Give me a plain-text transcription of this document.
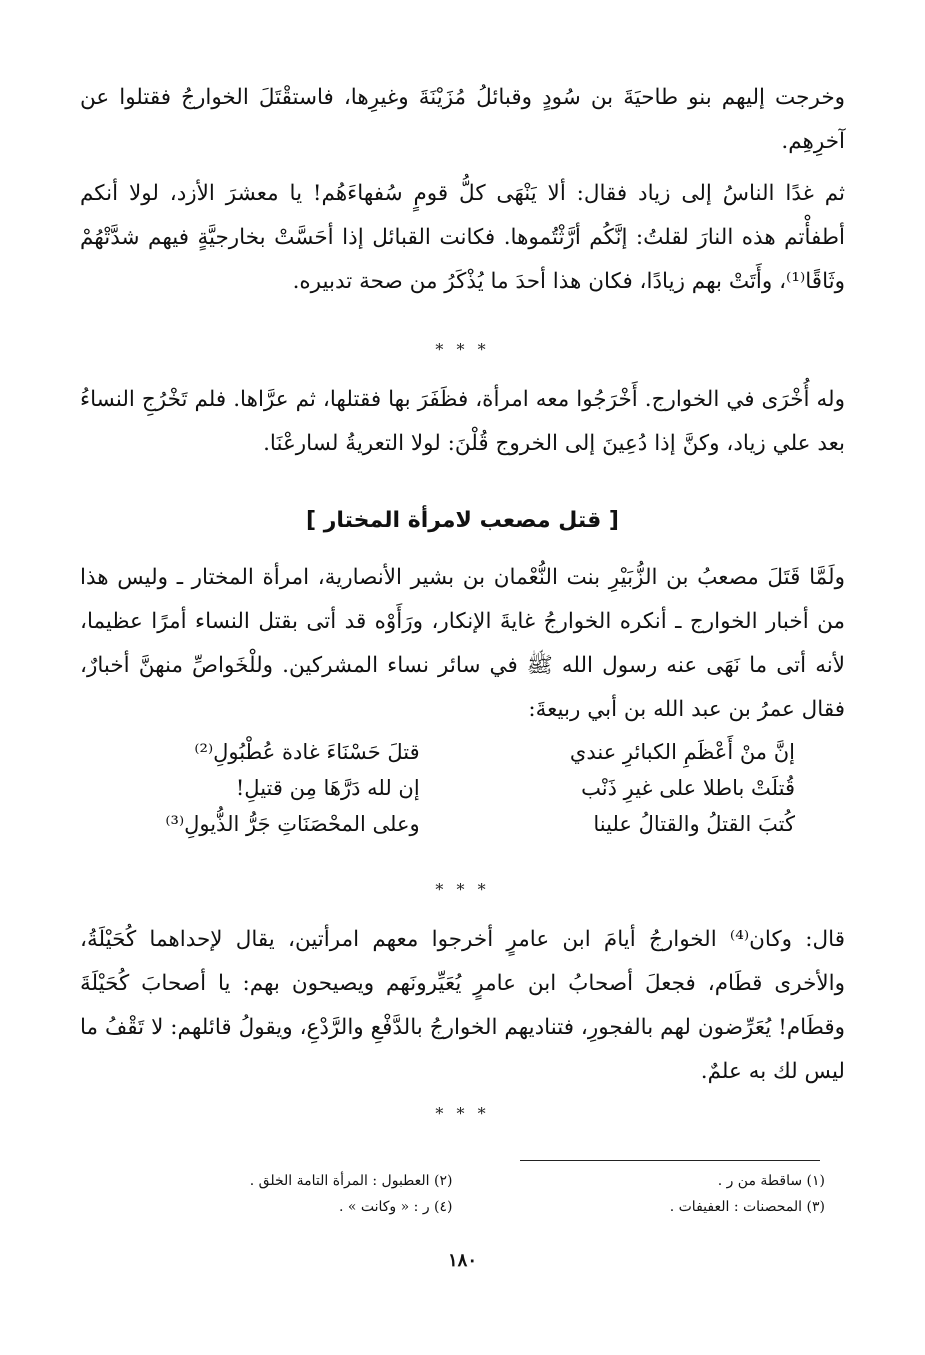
وخرجت إليهم بنو طاحيَةَ بن سُودٍ وقبائلُ مُزَيْنَةَ وغيرِها، فاستقْتَلَ الخوارجُ فقتلوا عن آخرِهِم.

ثم غدًا الناسُ إلى زياد فقال: ألا يَنْهَى كلُّ قومٍ سُفهاءَهُم! يا معشرَ الأزد، لولا أنكم أطفأْتم هذه النارَ لقلتُ: إنَّكُم أرَّثْتُموها. فكانت القبائل إذا أحَسَّتْ بخارجيَّةٍ فيهم شدَّتْهُمْ وثَاقًا⁽¹⁾، وأَتَتْ بهم زيادًا، فكان هذا أحدَ ما يُذْكَرُ من صحة تدبيره.

* * *

وله أُخْرَى في الخوارج. أَخْرَجُوا معه امرأة، فظَفَرَ بها فقتلها، ثم عرَّاها. فلم تَخْرُجِ النساءُ بعد علي زياد، وكنَّ إذا دُعِينَ إلى الخروج قُلْنَ: لولا التعريةُ لسارعْنَا.

[ قتل مصعب لامرأة المختار ]

ولَمَّا قَتَلَ مصعبُ بن الزُّبَيْرِ بنت النُّعْمان بن بشير الأنصارية، امرأة المختار ـ وليس هذا من أخبار الخوارج ـ أنكره الخوارجُ غايةَ الإنكار، ورَأَوْه قد أتى بقتل النساء أمرًا عظيما، لأنه أتى ما نَهَى عنه رسول الله ﷺ في سائر نساء المشركين. وللْخَواصِّ منهنَّ أخبارٌ، فقال عمرُ بن عبد الله بن أبي ربيعةَ:

إنَّ منْ أَعْظَمِ الكبائرِ عندي
قتلَ حَسْنَاءَ غادة عُطْبُولِ⁽²⁾
قُتلَتْ باطلا على غيرِ ذَنْب
إن لله دَرَّهَا مِن قتيلِ!
كُتبَ القتلُ والقتالُ علينا
وعلى المحْصَنَاتِ جَرُّ الذُّيولِ⁽³⁾
* * *

قال: وكان⁽⁴⁾ الخوارجُ أيامَ ابن عامرٍ أخرجوا معهم امرأتين، يقال لإحداهما كُحَيْلَةُ، والأخرى قطَام، فجعلَ أصحابُ ابن عامرٍ يُعَيِّرونَهم ويصيحون بهم: يا أصحابَ كُحَيْلَةَ وقطَام! يُعَرِّضون لهم بالفجورِ، فتناديهم الخوارجُ بالدَّفْعِ والرَّدْعِ، ويقولُ قائلهم: لا تَقْفُ ما ليس لك به علمٌ.

* * *
(١) ساقطة من ر .
(٢) العطبول : المرأة التامة الخلق .
(٣) المحصنات : العفيفات .
(٤) ر : « وكانت » .
١٨٠
